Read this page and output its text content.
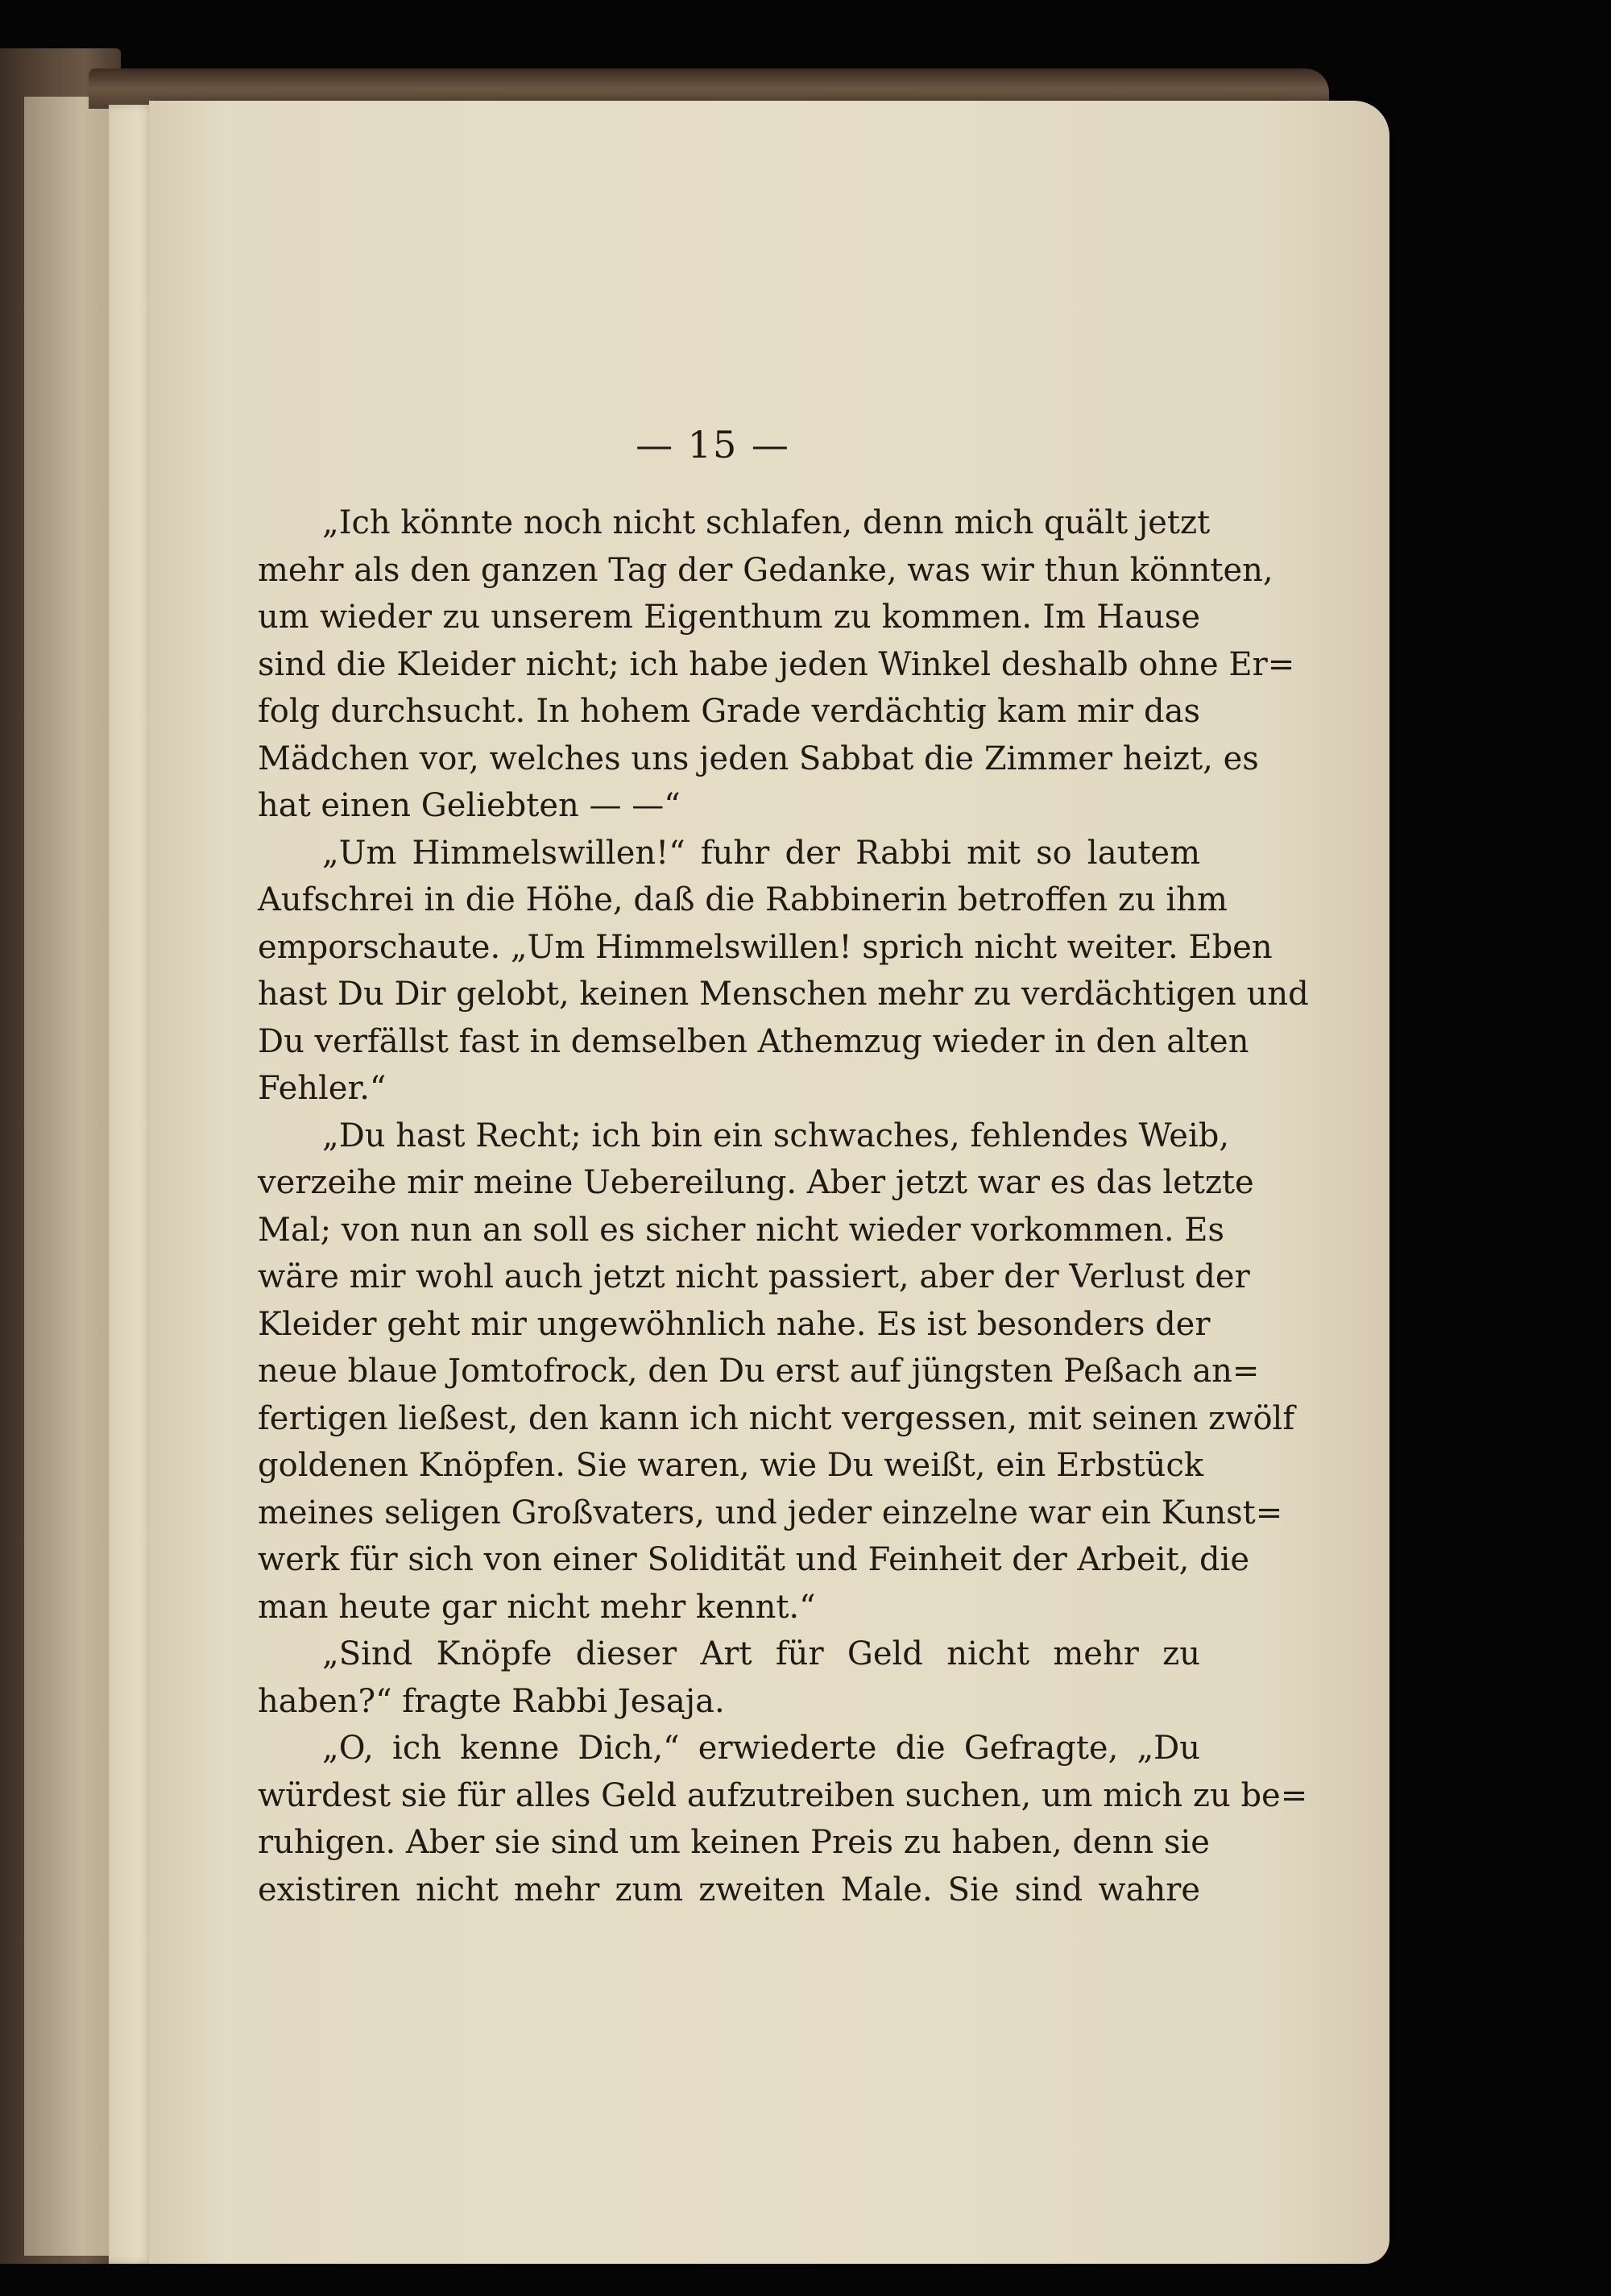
— 15 —
„Ich könnte noch nicht schlafen, denn mich quält jetzt
mehr als den ganzen Tag der Gedanke, was wir thun könnten,
um wieder zu unserem Eigenthum zu kommen. Im Hause
sind die Kleider nicht; ich habe jeden Winkel deshalb ohne Er=
folg durchsucht. In hohem Grade verdächtig kam mir das
Mädchen vor, welches uns jeden Sabbat die Zimmer heizt, es
hat einen Geliebten — —“
„Um Himmelswillen!“ fuhr der Rabbi mit so lautem
Aufschrei in die Höhe, daß die Rabbinerin betroffen zu ihm
emporschaute. „Um Himmelswillen! sprich nicht weiter. Eben
hast Du Dir gelobt, keinen Menschen mehr zu verdächtigen und
Du verfällst fast in demselben Athemzug wieder in den alten
Fehler.“
„Du hast Recht; ich bin ein schwaches, fehlendes Weib,
verzeihe mir meine Uebereilung. Aber jetzt war es das letzte
Mal; von nun an soll es sicher nicht wieder vorkommen. Es
wäre mir wohl auch jetzt nicht passiert, aber der Verlust der
Kleider geht mir ungewöhnlich nahe. Es ist besonders der
neue blaue Jomtofrock, den Du erst auf jüngsten Peßach an=
fertigen ließest, den kann ich nicht vergessen, mit seinen zwölf
goldenen Knöpfen. Sie waren, wie Du weißt, ein Erbstück
meines seligen Großvaters, und jeder einzelne war ein Kunst=
werk für sich von einer Solidität und Feinheit der Arbeit, die
man heute gar nicht mehr kennt.“
„Sind Knöpfe dieser Art für Geld nicht mehr zu
haben?“ fragte Rabbi Jesaja.
„O, ich kenne Dich,“ erwiederte die Gefragte, „Du
würdest sie für alles Geld aufzutreiben suchen, um mich zu be=
ruhigen. Aber sie sind um keinen Preis zu haben, denn sie
existiren nicht mehr zum zweiten Male. Sie sind wahre
